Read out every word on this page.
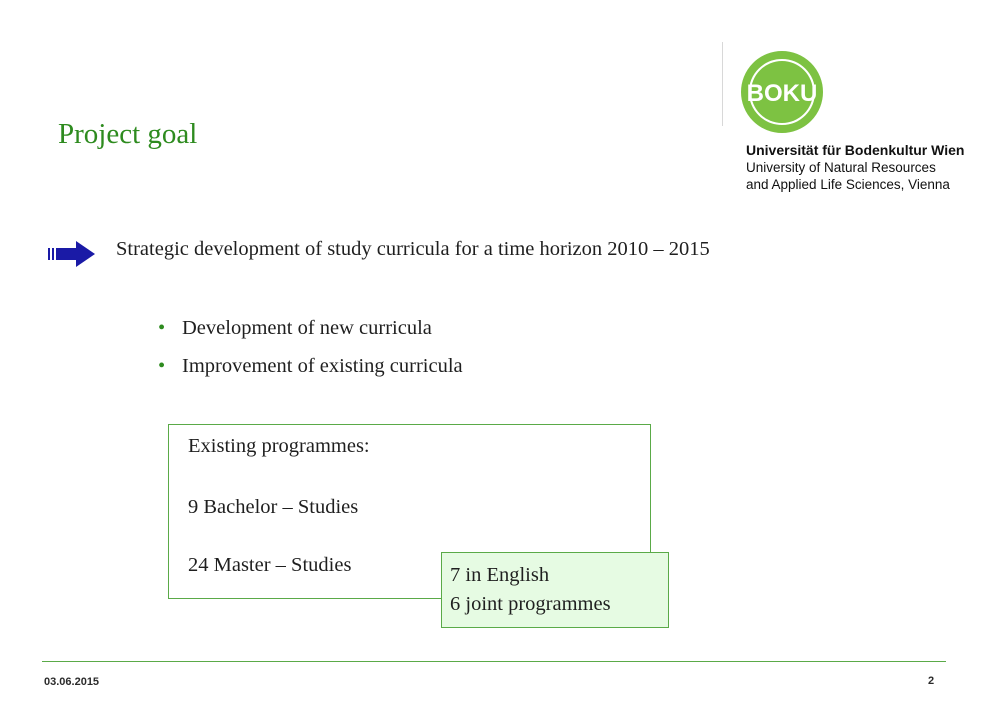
Project goal
BOKU
Universität für Bodenkultur Wien
University of Natural Resources
and Applied Life Sciences, Vienna
Strategic development of study curricula for a time horizon 2010 – 2015
• Development of new curricula
• Improvement of existing curricula
Existing programmes:
9 Bachelor – Studies
24 Master – Studies	7 in English
6 joint programmes
03.06.2015	2
